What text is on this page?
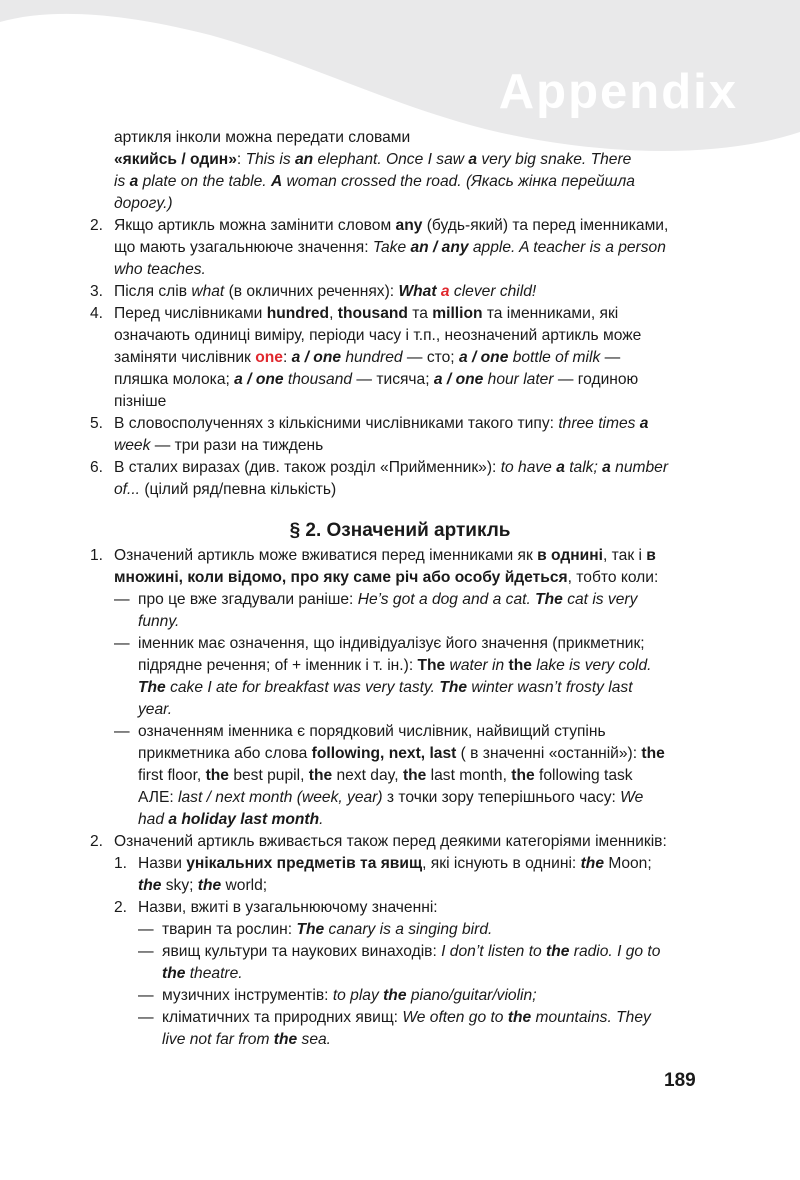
Appendix
артикля інколи можна передати словами
«якийсь / один»: This is an elephant. Once I saw a very big snake. There
is a plate on the table. A woman crossed the road. (Якась жінка перейшла
дорогу.)
2. Якщо артикль можна замінити словом any (будь-який) та перед іменниками,
що мають узагальнююче значення: Take an / any apple. A teacher is a person
who teaches.
3. Після слів what (в окличних реченнях): What a clever child!
4. Перед числівниками hundred, thousand та million та іменниками, які
означають одиниці виміру, періоди часу і т.п., неозначений артикль може
заміняти числівник one: a / one hundred — сто; a / one bottle of milk —
пляшка молока; a / one thousand — тисяча; a / one hour later — годиною
пізніше
5. В словосполученнях з кількісними числівниками такого типу: three times a
week — три рази на тиждень
6. В сталих виразах (див. також розділ «Прийменник»): to have a talk; a number
of... (цілий ряд/певна кількість)
§ 2. Означений артикль
1. Означений артикль може вживатися перед іменниками як в однині, так і в
множині, коли відомо, про яку саме річ або особу йдеться, тобто коли:
— про це вже згадували раніше: He’s got a dog and a cat. The cat is very
funny.
— іменник має означення, що індивідуалізує його значення (прикметник;
підрядне речення; of + іменник і т. ін.): The water in the lake is very cold.
The cake I ate for breakfast was very tasty. The winter wasn’t frosty last
year.
— означенням іменника є порядковий числівник, найвищий ступінь
прикметника або слова following, next, last ( в значенні «останній»): the
first floor, the best pupil, the next day, the last month, the following task
АЛЕ: last / next month (week, year) з точки зору теперішнього часу: We
had a holiday last month.
2. Означений артикль вживається також перед деякими категоріями іменників:
1. Назви унікальних предметів та явищ, які існують в однині: the Moon;
the sky; the world;
2. Назви, вжиті в узагальнюючому значенні:
— тварин та рослин: The canary is a singing bird.
— явищ культури та наукових винаходів: I don’t listen to the radio. I go to
the theatre.
— музичних інструментів: to play the piano/guitar/violin;
— кліматичних та природних явищ: We often go to the mountains. They
live not far from the sea.
189
